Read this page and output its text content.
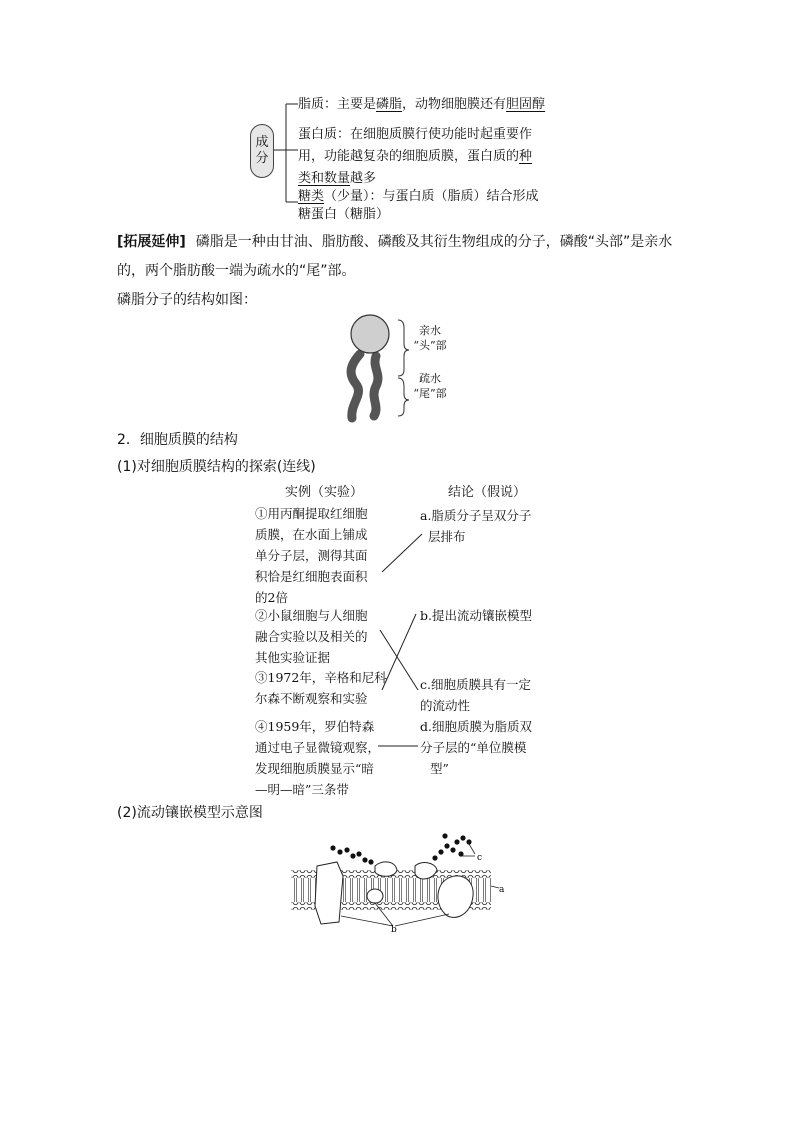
成
分
脂质：主要是磷脂，动物细胞膜还有胆固醇
蛋白质：在细胞质膜行使功能时起重要作
用，功能越复杂的细胞质膜，蛋白质的种
类和数量越多
糖类（少量）：与蛋白质（脂质）结合形成
糖蛋白（糖脂）
[拓展延伸] 磷脂是一种由甘油、脂肪酸、磷酸及其衍生物组成的分子，磷酸“头部”是亲水
的，两个脂肪酸一端为疏水的“尾”部。
磷脂分子的结构如图：
亲水
“头”部
疏水
“尾”部
2．细胞质膜的结构
(1)对细胞质膜结构的探索(连线)
实例（实验）	结论（假说）
①用丙酮提取红细胞
质膜，在水面上铺成
单分子层，测得其面
积恰是红细胞表面积
的2倍
②小鼠细胞与人细胞
融合实验以及相关的
其他实验证据
③1972年，辛格和尼科
尔森不断观察和实验
④1959年，罗伯特森
通过电子显微镜观察，
发现细胞质膜显示“暗
—明—暗”三条带
a.脂质分子呈双分子
层排布
b.提出流动镶嵌模型
c.细胞质膜具有一定
的流动性
d.细胞质膜为脂质双
分子层的“单位膜模
型”
(2)流动镶嵌模型示意图
c
a
b
